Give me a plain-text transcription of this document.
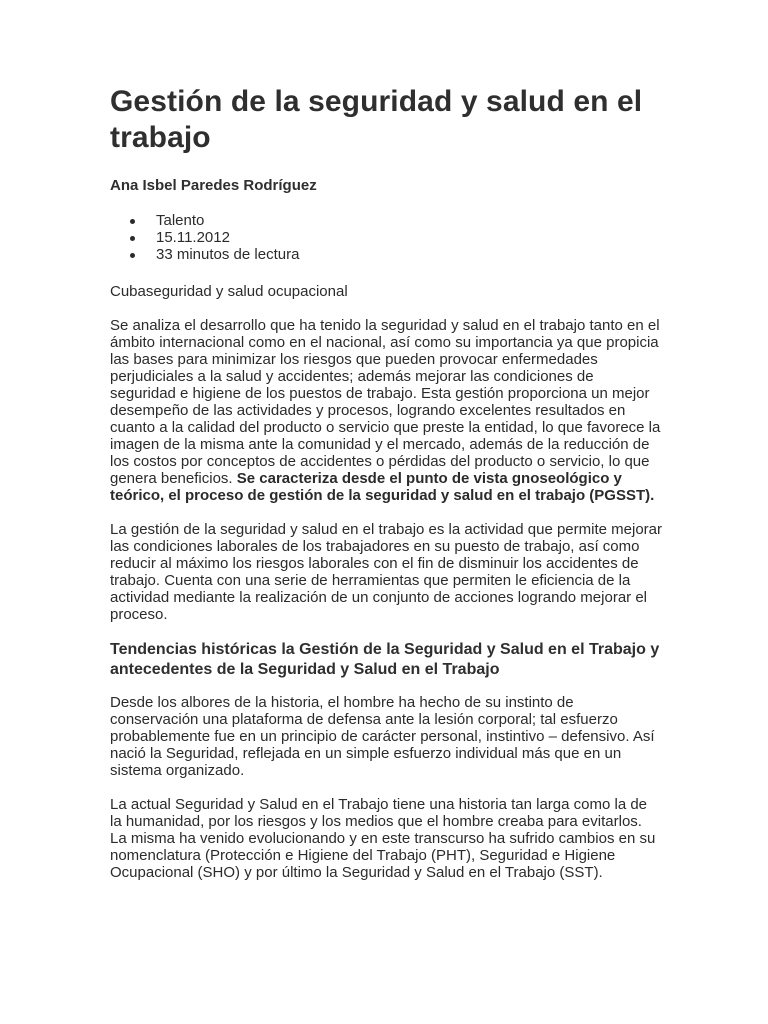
Gestión de la seguridad y salud en el trabajo
Ana Isbel Paredes Rodríguez
Talento
15.11.2012
33 minutos de lectura

Cubaseguridad y salud ocupacional

Se analiza el desarrollo que ha tenido la seguridad y salud en el trabajo tanto en el ámbito internacional como en el nacional, así como su importancia ya que propicia las bases para minimizar los riesgos que pueden provocar enfermedades perjudiciales a la salud y accidentes; además mejorar las condiciones de seguridad e higiene de los puestos de trabajo. Esta gestión proporciona un mejor desempeño de las actividades y procesos, logrando excelentes resultados en cuanto a la calidad del producto o servicio que preste la entidad, lo que favorece la imagen de la misma ante la comunidad y el mercado, además de la reducción de los costos por conceptos de accidentes o pérdidas del producto o servicio, lo que genera beneficios. Se caracteriza desde el punto de vista gnoseológico y teórico, el proceso de gestión de la seguridad y salud en el trabajo (PGSST).

La gestión de la seguridad y salud en el trabajo es la actividad que permite mejorar las condiciones laborales de los trabajadores en su puesto de trabajo, así como reducir al máximo los riesgos laborales con el fin de disminuir los accidentes de trabajo. Cuenta con una serie de herramientas que permiten le eficiencia de la actividad mediante la realización de un conjunto de acciones logrando mejorar el proceso.

Tendencias históricas la Gestión de la Seguridad y Salud en el Trabajo y antecedentes de la Seguridad y Salud en el Trabajo

Desde los albores de la historia, el hombre ha hecho de su instinto de conservación una plataforma de defensa ante la lesión corporal; tal esfuerzo probablemente fue en un principio de carácter personal, instintivo – defensivo. Así nació la Seguridad, reflejada en un simple esfuerzo individual más que en un sistema organizado.

La actual Seguridad y Salud en el Trabajo tiene una historia tan larga como la de la humanidad, por los riesgos y los medios que el hombre creaba para evitarlos. La misma ha venido evolucionando y en este transcurso ha sufrido cambios en su nomenclatura (Protección e Higiene del Trabajo (PHT), Seguridad e Higiene Ocupacional (SHO) y por último la Seguridad y Salud en el Trabajo (SST).
